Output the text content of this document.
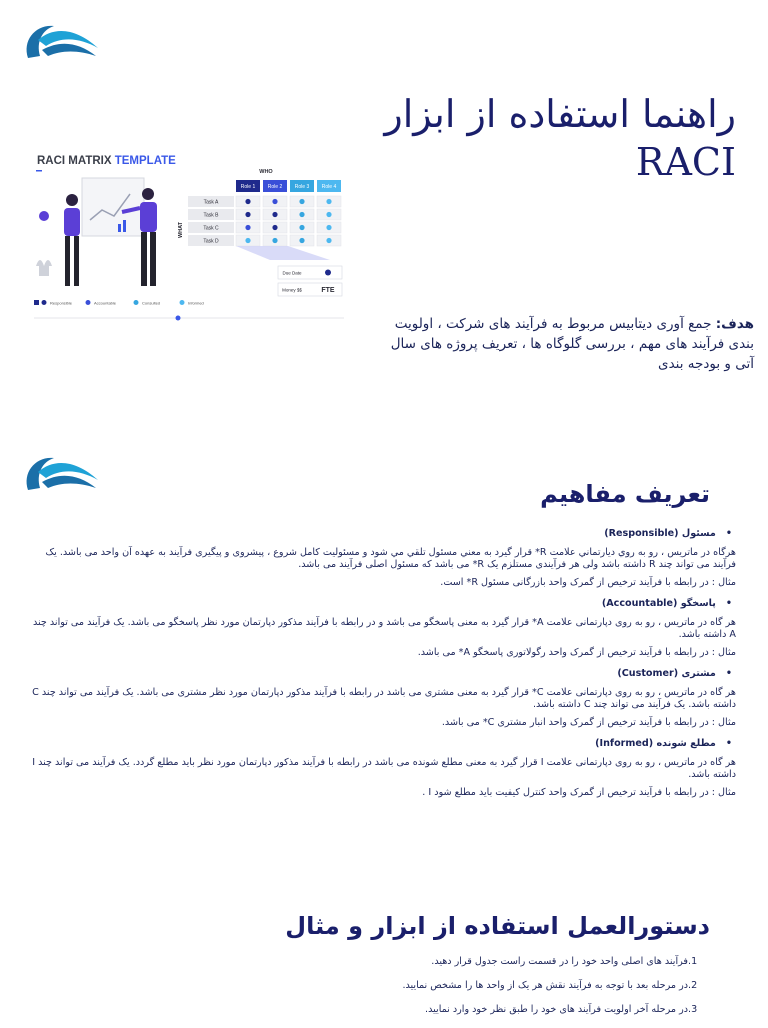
راهنما استفاده از ابزار
RACI
RACI MATRIX TEMPLATE
WHO
Role 1	Role 2	Role 3	Role 4
WHAT
Task A
Task B
Task C
Task D
Due Date
Money $$	FTE
Responsible	Accountable	Consulted	Informed
هدف: جمع آوری دیتابیس مربوط به فرآیند های شرکت ، اولویت بندی فرآیند های مهم ، بررسی گلوگاه ها ، تعریف پروژه های سال آتی و بودجه بندی
تعریف مفاهیم
• مسئول (Responsible)
هرگاه در ماتریس ، رو به روي ديارتماني علامت R* قرار گيرد به معني مسئول تلقي مي شود و مسئوليت كامل شروع ، پيشروی و پيگيری فرآيند به عهده آن واحد می باشد. یک فرآیند می تواند چند R داشته باشد ولی هر فرآیندی مستلزم یک R* می باشد که مسئول اصلی فرآیند می باشد.
مثال : در رابطه با فرآیند ترخیص از گمرک واحد بازرگانی مسئول R* است.
• پاسخگو (Accountable)
هر گاه در ماتریس ، رو به روی دپارتمانی علامت A* قرار گیرد به معنی پاسخگو می باشد و در رابطه با فرآیند مذکور دپارتمان مورد نظر پاسخگو می باشد. یک فرآیند می تواند چند A داشته باشد.
مثال : در رابطه با فرآیند ترخیص از گمرک واحد رگولاتوری پاسخگو A* می باشد.
• مشتری (Customer)
هر گاه در ماتریس ، رو به روی دپارتمانی علامت C* قرار گیرد به معنی مشتری می باشد در رابطه با فرآیند مذکور دپارتمان مورد نظر مشتری می باشد. یک فرآیند می تواند چند C داشته باشد. یک فرآیند می تواند چند C داشته باشد.
مثال : در رابطه با فرآیند ترخیص از گمرک واحد انبار مشتری C* می باشد.
• مطلع شونده (Informed)
هر گاه در ماتریس ، رو به روی دپارتمانی علامت I قرار گیرد به معنی مطلع شونده می باشد در رابطه با فرآیند مذکور دپارتمان مورد نظر باید مطلع گردد. یک فرآیند می تواند چند I داشته باشد.
مثال : در رابطه با فرآیند ترخیص از گمرک واحد کنترل کیفیت باید مطلع شود I .
دستورالعمل استفاده از ابزار و مثال
1.فرآیند های اصلی واحد خود را در قسمت راست جدول قرار دهید.
2.در مرحله بعد با توجه به فرآیند نقش هر یک از واحد ها را مشخص نمایید.
3.در مرحله آخر اولویت فرآیند های خود را طبق نظر خود وارد نمایید.
